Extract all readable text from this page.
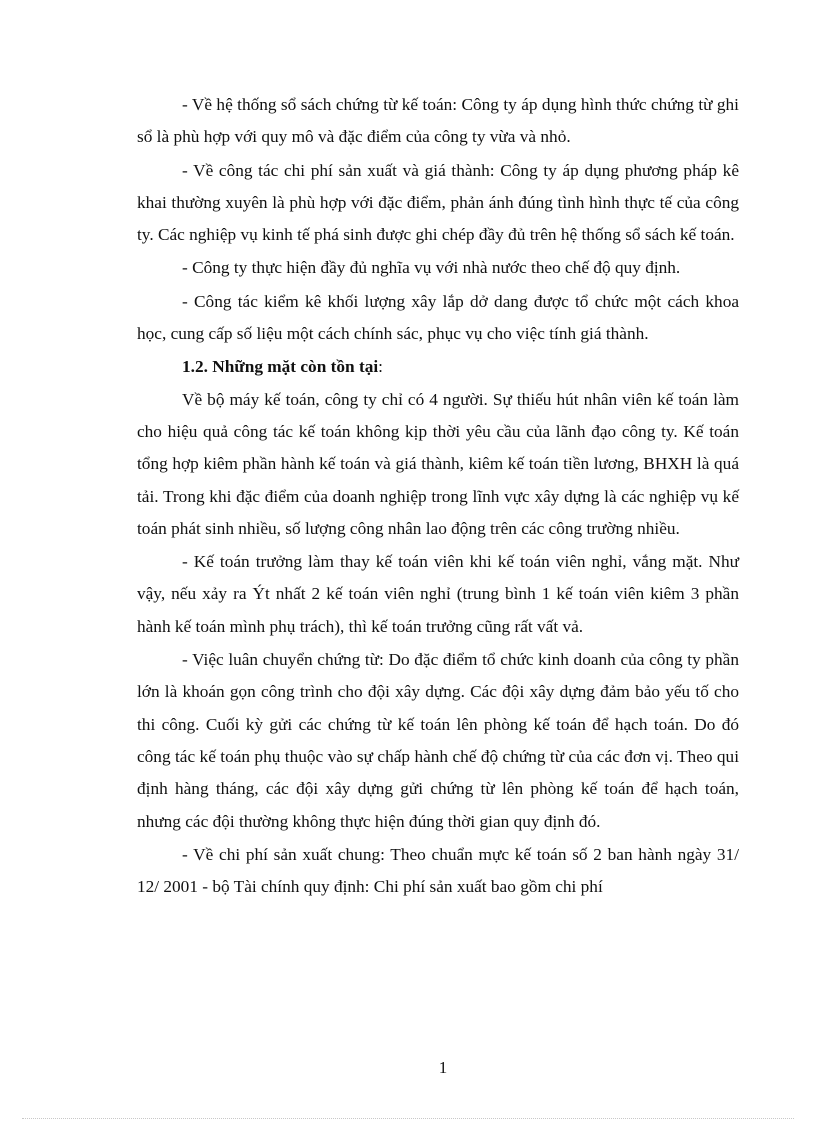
- Về hệ thống sổ sách chứng từ kế toán: Công ty áp dụng hình thức chứng từ ghi sổ là phù hợp với quy mô và đặc điểm của công ty vừa và nhỏ.

- Về công tác chi phí sản xuất và giá thành: Công ty áp dụng phương pháp kê khai thường xuyên là phù hợp với đặc điểm, phản ánh đúng tình hình thực tế của công ty. Các nghiệp vụ kinh tế phá sinh được ghi chép đầy đủ trên hệ thống sổ sách kế toán.

- Công ty thực hiện đầy đủ nghĩa vụ với nhà nước theo chế độ quy định.

- Công tác kiểm kê khối lượng xây lắp dở dang được tổ chức một cách khoa học, cung cấp số liệu một cách chính sác, phục vụ cho việc tính giá thành.

1.2. Những mặt còn tồn tại:

Về bộ máy kế toán, công ty chỉ có 4 người. Sự thiếu hút nhân viên kế toán làm cho hiệu quả công tác kế toán không kịp thời yêu cầu của lãnh đạo công ty. Kế toán tổng hợp kiêm phần hành kế toán và giá thành, kiêm kế toán tiền lương, BHXH là quá tải. Trong khi đặc điểm của doanh nghiệp trong lĩnh vực xây dựng là các nghiệp vụ kế toán phát sinh nhiều, số lượng công nhân lao động trên các công trường nhiều.

- Kế toán trưởng làm thay kế toán viên khi kế toán viên nghỉ, vắng mặt. Như vậy, nếu xảy ra Ýt nhất 2 kế toán viên nghỉ (trung bình 1 kế toán viên kiêm 3 phần hành kế toán mình phụ trách), thì kế toán trưởng cũng rất vất vả.

- Việc luân chuyển chứng từ: Do đặc điểm tổ chức kinh doanh của công ty phần lớn là khoán gọn công trình cho đội xây dựng. Các đội xây dựng đảm bảo yếu tố cho thi công. Cuối kỳ gửi các chứng từ kế toán lên phòng kế toán để hạch toán. Do đó công tác kế toán phụ thuộc vào sự chấp hành chế độ chứng từ của các đơn vị. Theo qui định hàng tháng, các đội xây dựng gửi chứng từ lên phòng kế toán để hạch toán, nhưng các đội thường không thực hiện đúng thời gian quy định đó.

- Về chi phí sản xuất chung: Theo chuẩn mực kế toán số 2 ban hành ngày 31/ 12/ 2001 - bộ Tài chính quy định: Chi phí sản xuất bao gồm chi phí

1
